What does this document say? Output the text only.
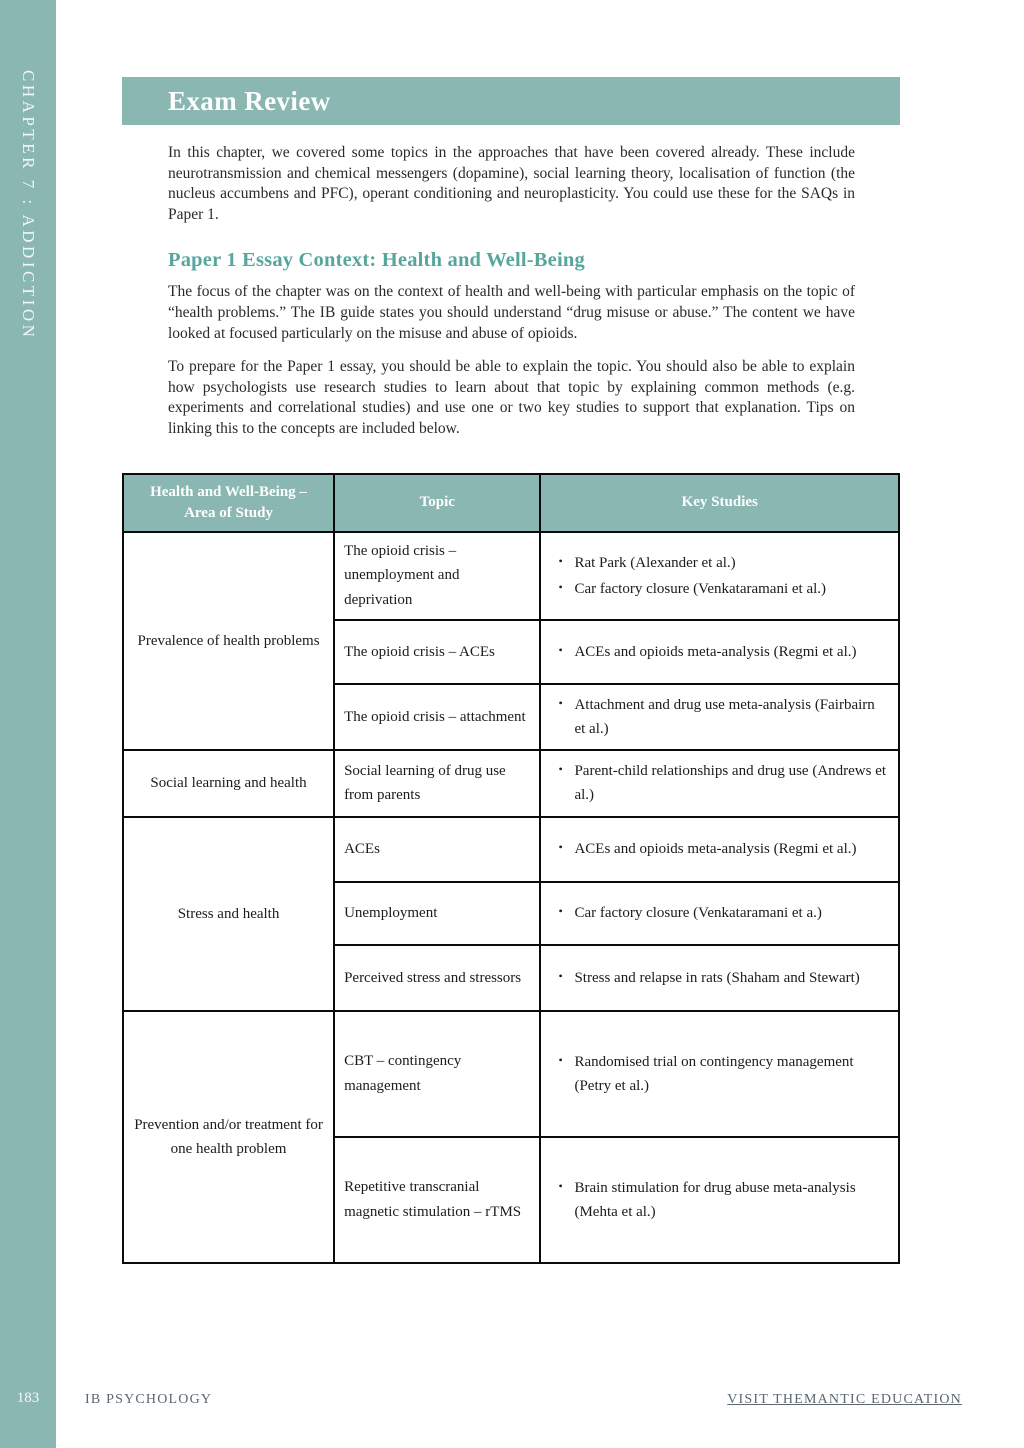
CHAPTER 7 : ADDICTION
183
Exam Review

In this chapter, we covered some topics in the approaches that have been covered already. These include neurotransmission and chemical messengers (dopamine), social learning theory, localisation of function (the nucleus accumbens and PFC), operant conditioning and neuroplasticity. You could use these for the SAQs in Paper 1.

Paper 1 Essay Context: Health and Well-Being

The focus of the chapter was on the context of health and well-being with particular emphasis on the topic of “health problems.” The IB guide states you should understand “drug misuse or abuse.” The content we have looked at focused particularly on the misuse and abuse of opioids.

To prepare for the Paper 1 essay, you should be able to explain the topic. You should also be able to explain how psychologists use research studies to learn about that topic by explaining common methods (e.g. experiments and correlational studies) and use one or two key studies to support that explanation. Tips on linking this to the concepts are included below.

Health and Well-Being – Area of Study	Topic	Key Studies
Prevalence of health problems	The opioid crisis – unemployment and deprivation	• Rat Park (Alexander et al.)
• Car factory closure (Venkataramani et al.)

	The opioid crisis – ACEs	• ACEs and opioids meta-analysis (Regmi et al.)

	The opioid crisis – attachment	• Attachment and drug use meta-analysis (Fairbairn et al.)

Social learning and health	Social learning of drug use from parents	• Parent-child relationships and drug use (Andrews et al.)

Stress and health	ACEs	• ACEs and opioids meta-analysis (Regmi et al.)

	Unemployment	• Car factory closure (Venkataramani et a.)

	Perceived stress and stressors	• Stress and relapse in rats (Shaham and Stewart)

Prevention and/or treatment for one health problem	CBT – contingency management	• Randomised trial on contingency management (Petry et al.)

	Repetitive transcranial magnetic stimulation – rTMS	• Brain stimulation for drug abuse meta-analysis (Mehta et al.)
IB PSYCHOLOGY	VISIT THEMANTIC EDUCATION
